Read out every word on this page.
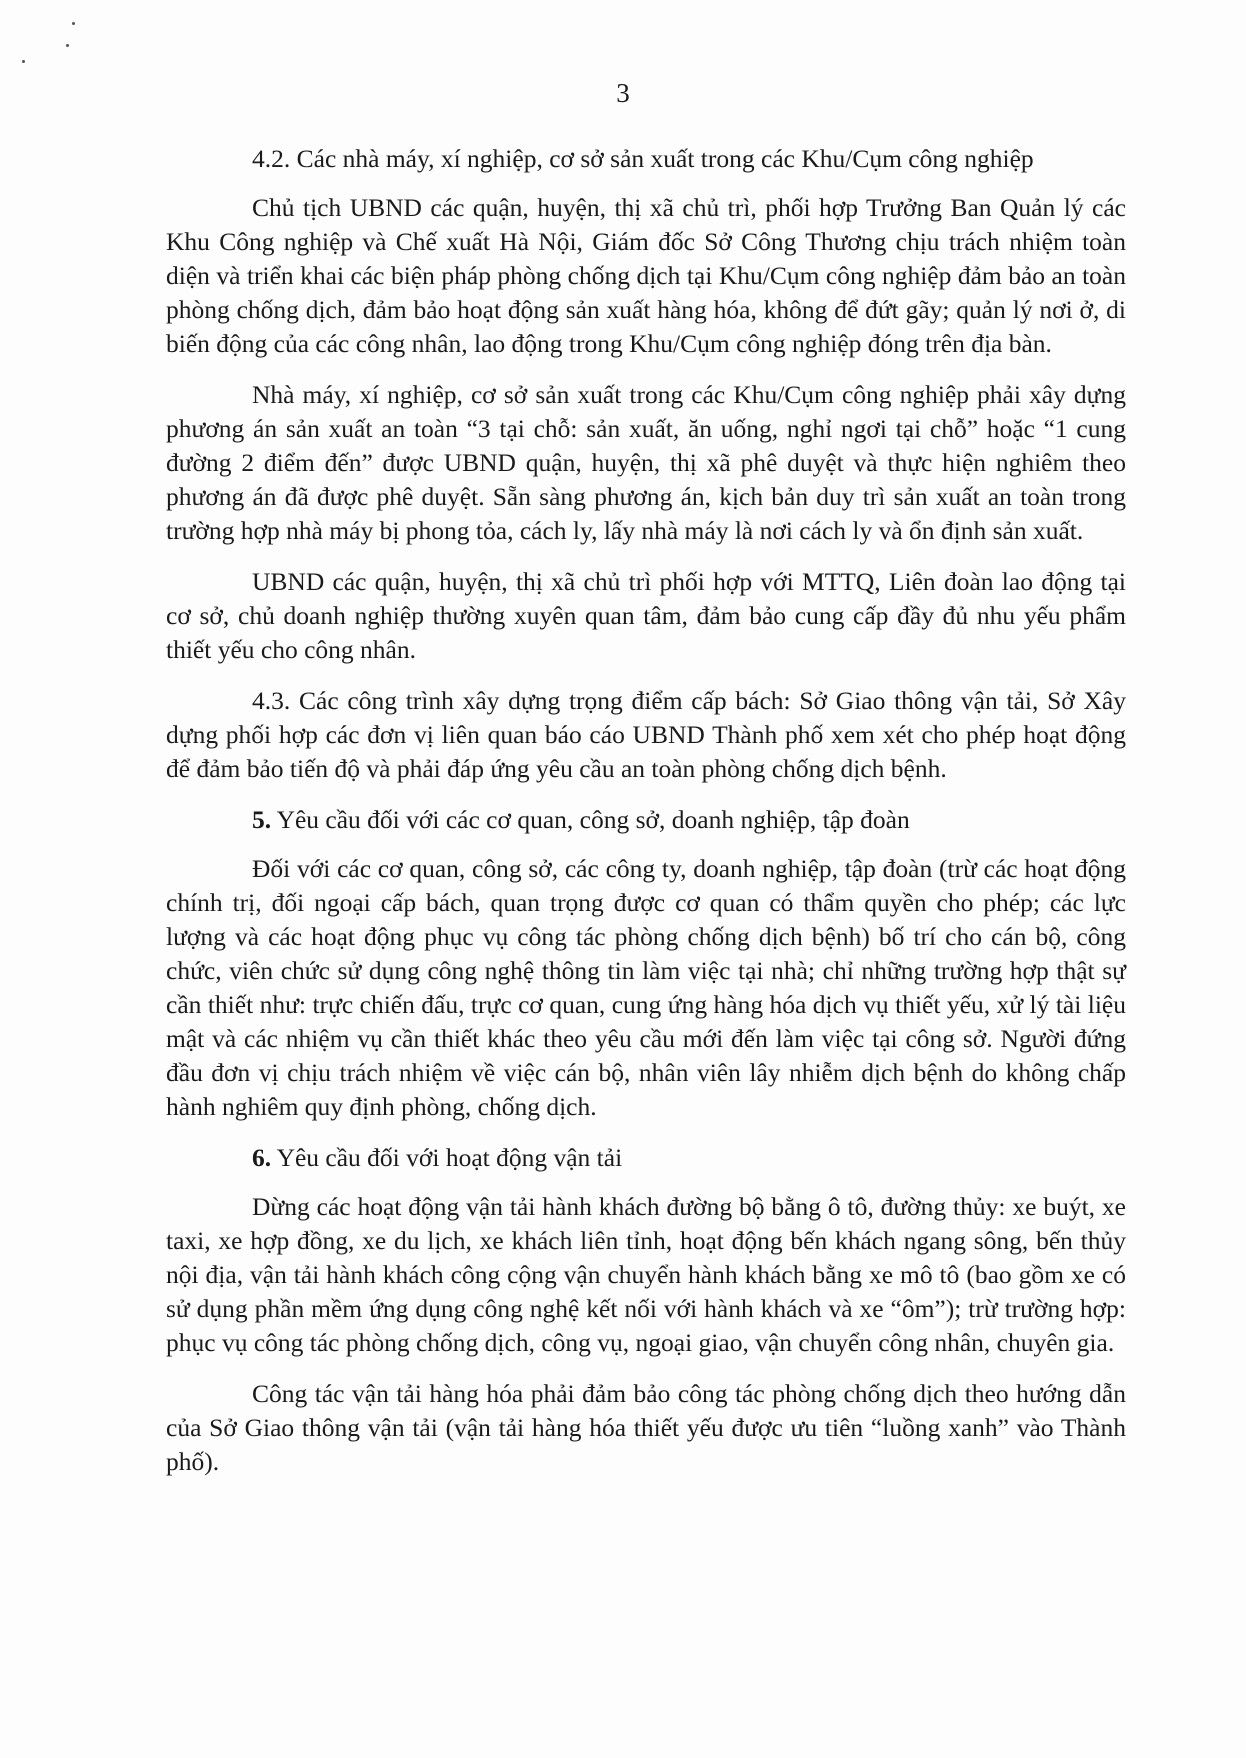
3

4.2. Các nhà máy, xí nghiệp, cơ sở sản xuất trong các Khu/Cụm công nghiệp

Chủ tịch UBND các quận, huyện, thị xã chủ trì, phối hợp Trưởng Ban Quản lý các Khu Công nghiệp và Chế xuất Hà Nội, Giám đốc Sở Công Thương chịu trách nhiệm toàn diện và triển khai các biện pháp phòng chống dịch tại Khu/Cụm công nghiệp đảm bảo an toàn phòng chống dịch, đảm bảo hoạt động sản xuất hàng hóa, không để đứt gãy; quản lý nơi ở, di biến động của các công nhân, lao động trong Khu/Cụm công nghiệp đóng trên địa bàn.

Nhà máy, xí nghiệp, cơ sở sản xuất trong các Khu/Cụm công nghiệp phải xây dựng phương án sản xuất an toàn “3 tại chỗ: sản xuất, ăn uống, nghỉ ngơi tại chỗ” hoặc “1 cung đường 2 điểm đến” được UBND quận, huyện, thị xã phê duyệt và thực hiện nghiêm theo phương án đã được phê duyệt. Sẵn sàng phương án, kịch bản duy trì sản xuất an toàn trong trường hợp nhà máy bị phong tỏa, cách ly, lấy nhà máy là nơi cách ly và ổn định sản xuất.

UBND các quận, huyện, thị xã chủ trì phối hợp với MTTQ, Liên đoàn lao động tại cơ sở, chủ doanh nghiệp thường xuyên quan tâm, đảm bảo cung cấp đầy đủ nhu yếu phẩm thiết yếu cho công nhân.

4.3. Các công trình xây dựng trọng điểm cấp bách: Sở Giao thông vận tải, Sở Xây dựng phối hợp các đơn vị liên quan báo cáo UBND Thành phố xem xét cho phép hoạt động để đảm bảo tiến độ và phải đáp ứng yêu cầu an toàn phòng chống dịch bệnh.

5. Yêu cầu đối với các cơ quan, công sở, doanh nghiệp, tập đoàn

Đối với các cơ quan, công sở, các công ty, doanh nghiệp, tập đoàn (trừ các hoạt động chính trị, đối ngoại cấp bách, quan trọng được cơ quan có thẩm quyền cho phép; các lực lượng và các hoạt động phục vụ công tác phòng chống dịch bệnh) bố trí cho cán bộ, công chức, viên chức sử dụng công nghệ thông tin làm việc tại nhà; chỉ những trường hợp thật sự cần thiết như: trực chiến đấu, trực cơ quan, cung ứng hàng hóa dịch vụ thiết yếu, xử lý tài liệu mật và các nhiệm vụ cần thiết khác theo yêu cầu mới đến làm việc tại công sở. Người đứng đầu đơn vị chịu trách nhiệm về việc cán bộ, nhân viên lây nhiễm dịch bệnh do không chấp hành nghiêm quy định phòng, chống dịch.

6. Yêu cầu đối với hoạt động vận tải

Dừng các hoạt động vận tải hành khách đường bộ bằng ô tô, đường thủy: xe buýt, xe taxi, xe hợp đồng, xe du lịch, xe khách liên tỉnh, hoạt động bến khách ngang sông, bến thủy nội địa, vận tải hành khách công cộng vận chuyển hành khách bằng xe mô tô (bao gồm xe có sử dụng phần mềm ứng dụng công nghệ kết nối với hành khách và xe “ôm”); trừ trường hợp: phục vụ công tác phòng chống dịch, công vụ, ngoại giao, vận chuyển công nhân, chuyên gia.

Công tác vận tải hàng hóa phải đảm bảo công tác phòng chống dịch theo hướng dẫn của Sở Giao thông vận tải (vận tải hàng hóa thiết yếu được ưu tiên “luồng xanh” vào Thành phố).
